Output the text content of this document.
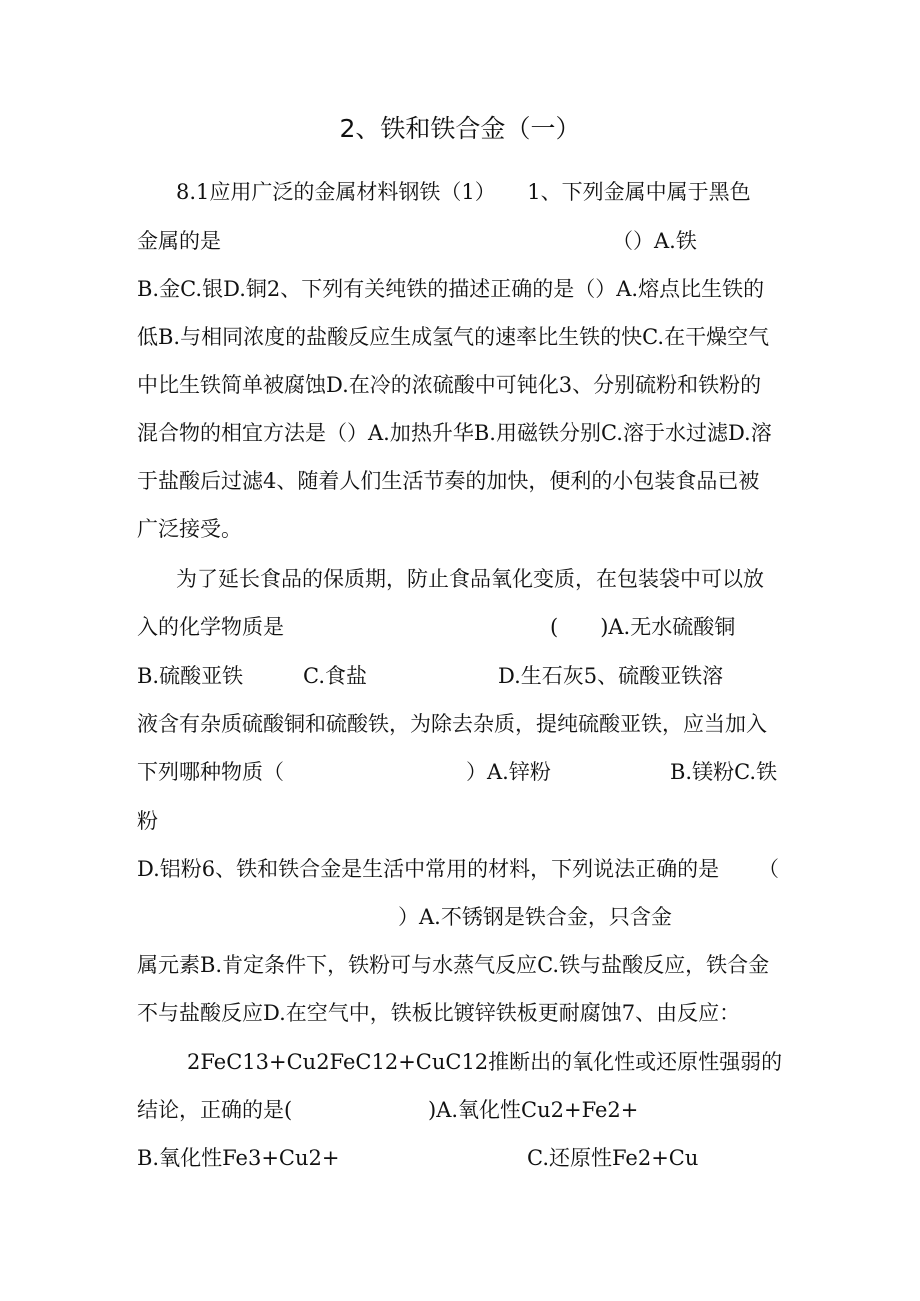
2、铁和铁合金（一）
8.1应用广泛的金属材料钢铁（1）　　1、下列金属中属于黑色
金属的是	（）A.铁
B.金C.银D.铜2、下列有关纯铁的描述正确的是（）A.熔点比生铁的
低B.与相同浓度的盐酸反应生成氢气的速率比生铁的快C.在干燥空气
中比生铁简单被腐蚀D.在冷的浓硫酸中可钝化3、分别硫粉和铁粉的
混合物的相宜方法是（）A.加热升华B.用磁铁分别C.溶于水过滤D.溶
于盐酸后过滤4、随着人们生活节奏的加快，便利的小包装食品已被
广泛接受。
为了延长食品的保质期，防止食品氧化变质，在包装袋中可以放
入的化学物质是	(　　)A.无水硫酸铜
B.硫酸亚铁	C.食盐	D.生石灰5、硫酸亚铁溶
液含有杂质硫酸铜和硫酸铁，为除去杂质，提纯硫酸亚铁，应当加入
下列哪种物质（	）A.锌粉	B.镁粉C.铁
粉
D.铝粉6、铁和铁合金是生活中常用的材料，下列说法正确的是 （
）A.不锈钢是铁合金，只含金
属元素B.肯定条件下，铁粉可与水蒸气反应C.铁与盐酸反应，铁合金
不与盐酸反应D.在空气中，铁板比镀锌铁板更耐腐蚀7、由反应：
2FeC13+Cu2FeC12+CuC12推断出的氧化性或还原性强弱的
结论，正确的是(	)A.氧化性Cu2+Fe2+
B.氧化性Fe3+Cu2+	C.还原性Fe2+Cu
